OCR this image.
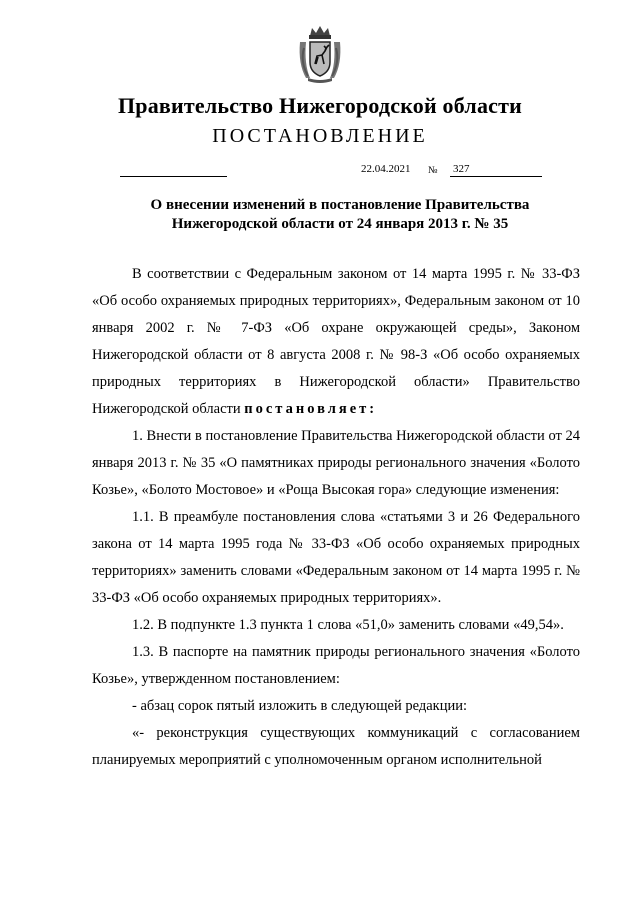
Правительство Нижегородской области
ПОСТАНОВЛЕНИЕ
22.04.2021 № 327
О внесении изменений в постановление Правительства
Нижегородской области от 24 января 2013 г. № 35

В соответствии с Федеральным законом от 14 марта 1995 г. № 33-ФЗ «Об особо охраняемых природных территориях», Федеральным законом от 10 января 2002 г. № 7-ФЗ «Об охране окружающей среды», Законом Нижегородской области от 8 августа 2008 г. № 98-З «Об особо охраняемых природных территориях в Нижегородской области» Правительство Нижегородской области постановляет:

1. Внести в постановление Правительства Нижегородской области от 24 января 2013 г. № 35 «О памятниках природы регионального значения «Болото Козье», «Болото Мостовое» и «Роща Высокая гора» следующие изменения:

1.1. В преамбуле постановления слова «статьями 3 и 26 Федерального закона от 14 марта 1995 года № 33-ФЗ «Об особо охраняемых природных территориях» заменить словами «Федеральным законом от 14 марта 1995 г. № 33-ФЗ «Об особо охраняемых природных территориях».

1.2. В подпункте 1.3 пункта 1 слова «51,0» заменить словами «49,54».

1.3. В паспорте на памятник природы регионального значения «Болото Козье», утвержденном постановлением:

- абзац сорок пятый изложить в следующей редакции:

«- реконструкция существующих коммуникаций с согласованием планируемых мероприятий с уполномоченным органом исполнительной
